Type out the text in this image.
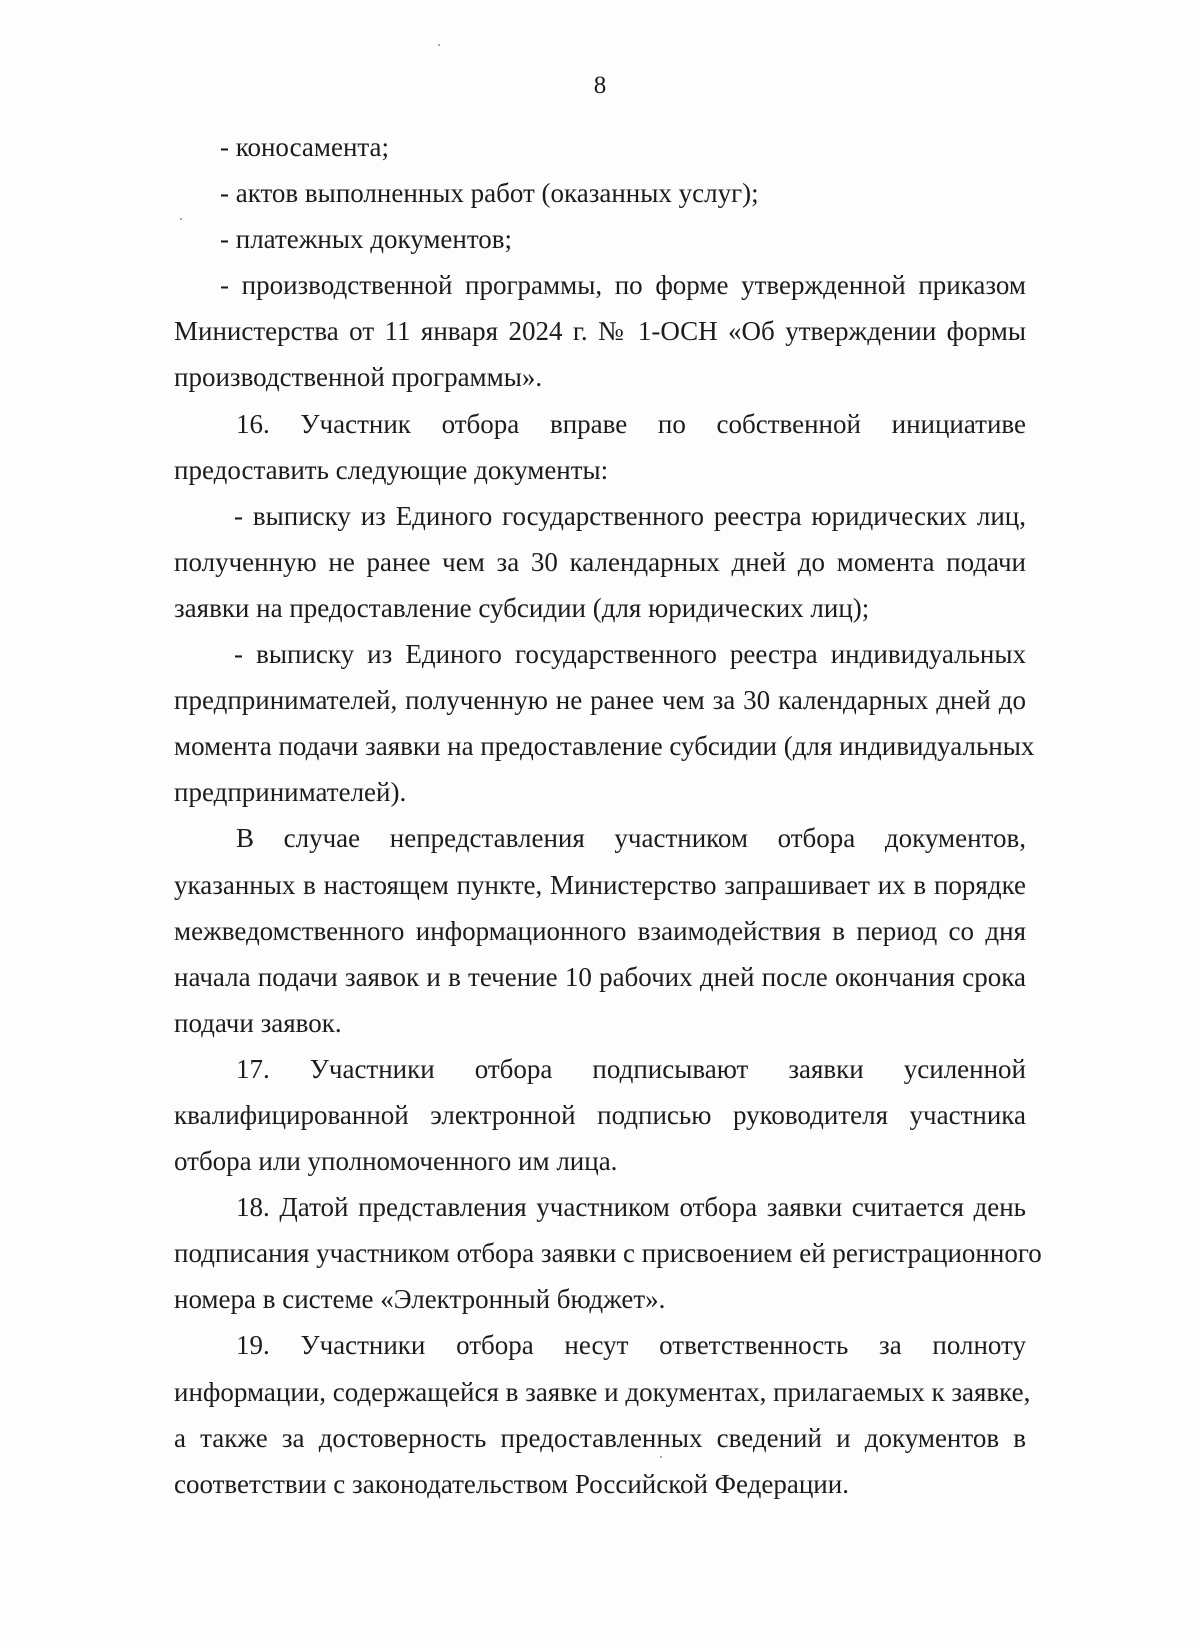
8
- коносамента;
- актов выполненных работ (оказанных услуг);
- платежных документов;
- производственной программы, по форме утвержденной приказом
Министерства от 11 января 2024 г. № 1-ОСН «Об утверждении формы
производственной программы».
16. Участник отбора вправе по собственной инициативе
предоставить следующие документы:
- выписку из Единого государственного реестра юридических лиц,
полученную не ранее чем за 30 календарных дней до момента подачи
заявки на предоставление субсидии (для юридических лиц);
- выписку из Единого государственного реестра индивидуальных
предпринимателей, полученную не ранее чем за 30 календарных дней до
момента подачи заявки на предоставление субсидии (для индивидуальных
предпринимателей).
В случае непредставления участником отбора документов,
указанных в настоящем пункте, Министерство запрашивает их в порядке
межведомственного информационного взаимодействия в период со дня
начала подачи заявок и в течение 10 рабочих дней после окончания срока
подачи заявок.
17. Участники отбора подписывают заявки усиленной
квалифицированной электронной подписью руководителя участника
отбора или уполномоченного им лица.
18. Датой представления участником отбора заявки считается день
подписания участником отбора заявки с присвоением ей регистрационного
номера в системе «Электронный бюджет».
19. Участники отбора несут ответственность за полноту
информации, содержащейся в заявке и документах, прилагаемых к заявке,
а также за достоверность предоставленных сведений и документов в
соответствии с законодательством Российской Федерации.
